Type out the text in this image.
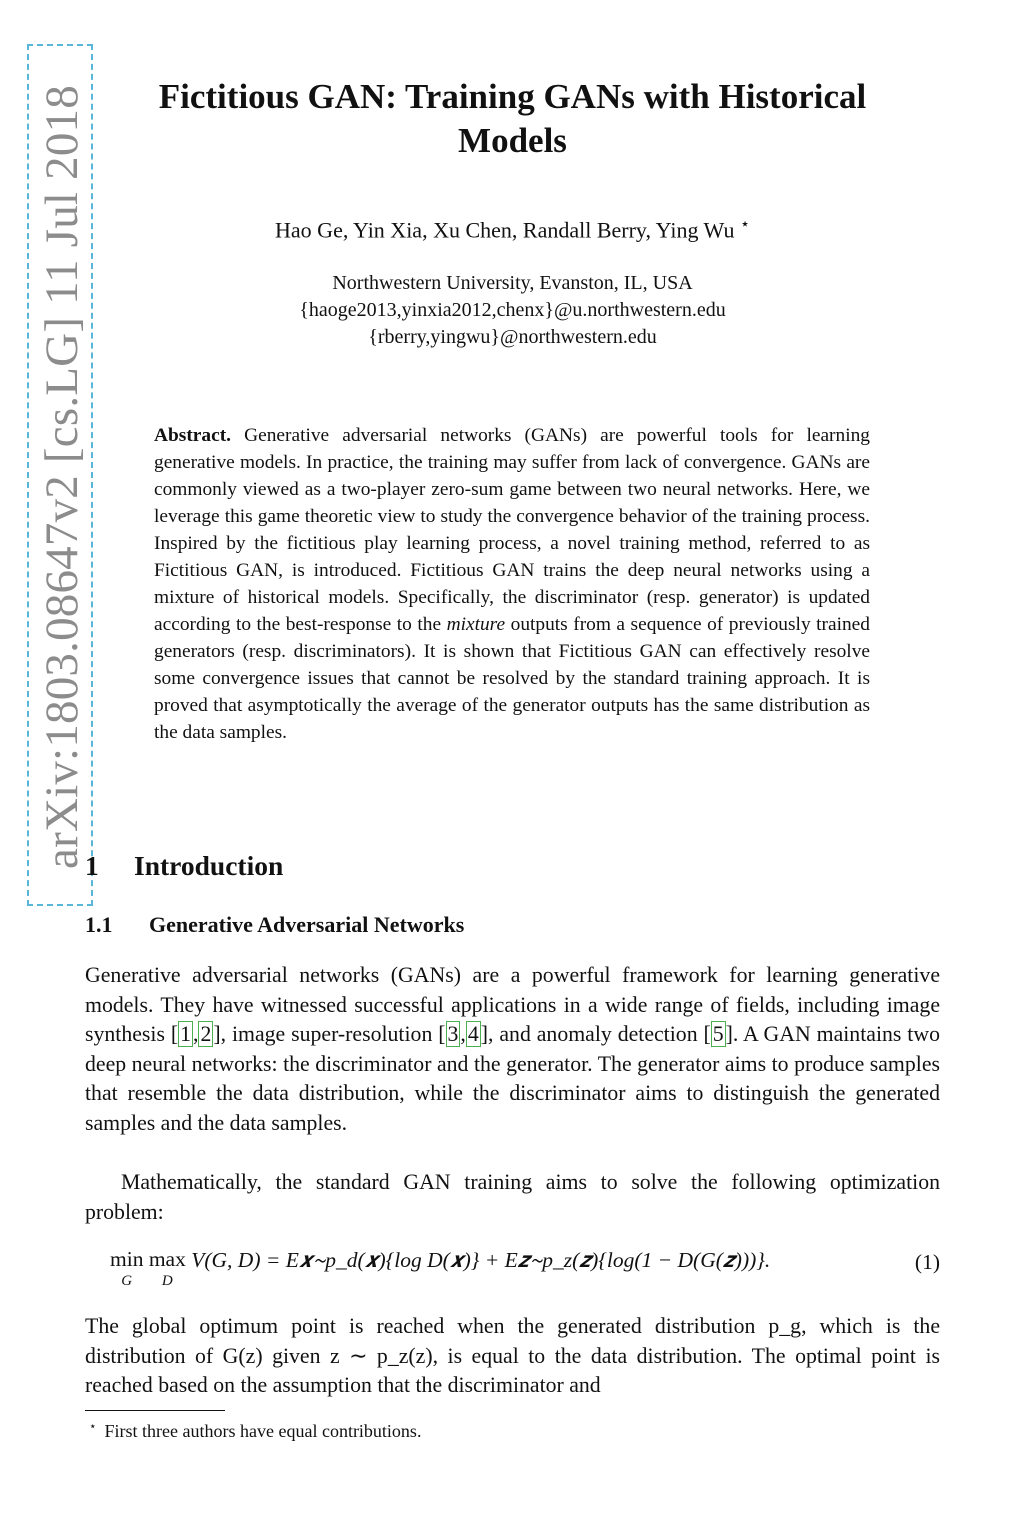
arXiv:1803.08647v2 [cs.LG] 11 Jul 2018	Fictitious GAN: Training GANs with Historical
Models
Hao Ge, Yin Xia, Xu Chen, Randall Berry, Ying Wu ⋆
Northwestern University, Evanston, IL, USA
{haoge2013,yinxia2012,chenx}@u.northwestern.edu
{rberry,yingwu}@northwestern.edu

Abstract. Generative adversarial networks (GANs) are powerful tools for learning generative models. In practice, the training may suffer from lack of convergence. GANs are commonly viewed as a two-player zero-sum game between two neural networks. Here, we leverage this game theoretic view to study the convergence behavior of the training process. Inspired by the fictitious play learning process, a novel training method, referred to as Fictitious GAN, is introduced. Fictitious GAN trains the deep neural networks using a mixture of historical models. Specifically, the discriminator (resp. generator) is updated according to the best-response to the mixture outputs from a sequence of previously trained generators (resp. discriminators). It is shown that Fictitious GAN can effectively resolve some convergence issues that cannot be resolved by the standard training approach. It is proved that asymptotically the average of the generator outputs has the same distribution as the data samples.

1 Introduction
1.1 Generative Adversarial Networks

Generative adversarial networks (GANs) are a powerful framework for learning generative models. They have witnessed successful applications in a wide range of fields, including image synthesis [1,2], image super-resolution [3,4], and anomaly detection [5]. A GAN maintains two deep neural networks: the discriminator and the generator. The generator aims to produce samples that resemble the data distribution, while the discriminator aims to distinguish the generated samples and the data samples.

Mathematically, the standard GAN training aims to solve the following optimization problem:

min
G
max
D
V(G, D) = E𝒙∼p_d(𝒙){log D(𝒙)} + E𝒛∼p_z(𝒛){log(1 − D(G(𝒛)))}.	(1)

The global optimum point is reached when the generated distribution p_g, which is the distribution of G(z) given z ∼ p_z(z), is equal to the data distribution. The optimal point is reached based on the assumption that the discriminator and

⋆ First three authors have equal contributions.
